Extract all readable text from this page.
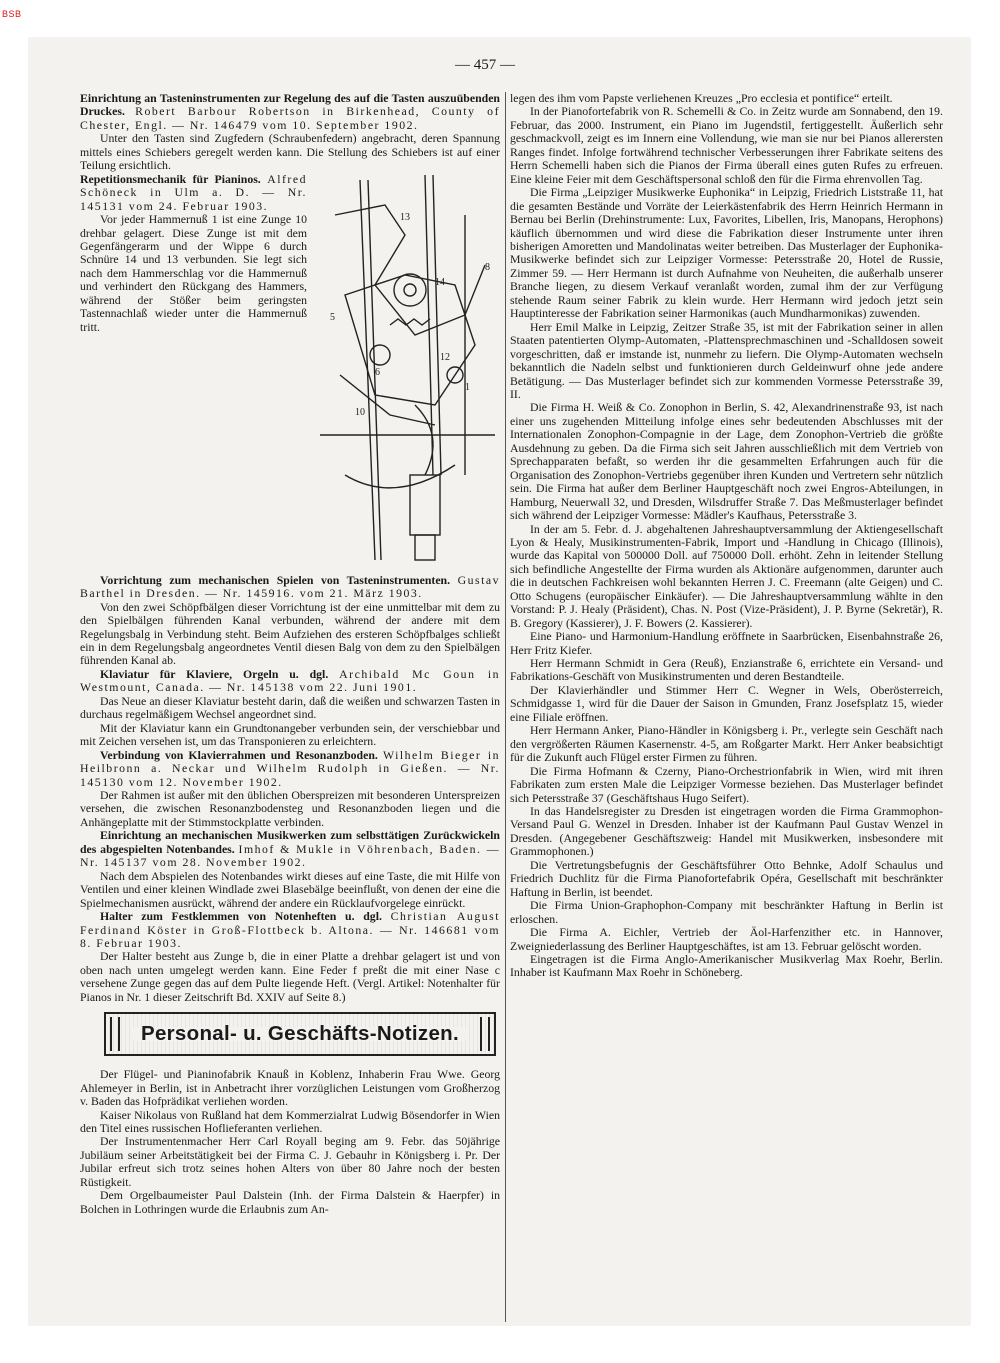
BSB
— 457 —

Einrichtung an Tasteninstrumenten zur Regelung des auf die Tasten auszuübenden Druckes. Robert Barbour Robertson in Birkenhead, County of Chester, Engl. — Nr. 146479 vom 10. September 1902.

Unter den Tasten sind Zugfedern (Schraubenfedern) angebracht, deren Spannung mittels eines Schiebers geregelt werden kann. Die Stellung des Schiebers ist auf einer Teilung ersichtlich.

8
5
14
6
12
10
1
13

Repetitionsmechanik für Pianinos. Alfred Schöneck in Ulm a. D. — Nr. 145131 vom 24. Februar 1903.

Vor jeder Hammernuß 1 ist eine Zunge 10 drehbar gelagert. Diese Zunge ist mit dem Gegenfängerarm und der Wippe 6 durch Schnüre 14 und 13 verbunden. Sie legt sich nach dem Hammerschlag vor die Hammernuß und verhindert den Rückgang des Hammers, während der Stößer beim geringsten Tastennachlaß wieder unter die Hammernuß tritt.

Vorrichtung zum mechanischen Spielen von Tasteninstrumenten. Gustav Barthel in Dresden. — Nr. 145916. vom 21. März 1903.

Von den zwei Schöpfbälgen dieser Vorrichtung ist der eine unmittelbar mit dem zu den Spielbälgen führenden Kanal verbunden, während der andere mit dem Regelungsbalg in Verbindung steht. Beim Aufziehen des ersteren Schöpfbalges schließt ein in dem Regelungsbalg angeordnetes Ventil diesen Balg von dem zu den Spielbälgen führenden Kanal ab.

Klaviatur für Klaviere, Orgeln u. dgl. Archibald Mc Goun in Westmount, Canada. — Nr. 145138 vom 22. Juni 1901.

Das Neue an dieser Klaviatur besteht darin, daß die weißen und schwarzen Tasten in durchaus regelmäßigem Wechsel angeordnet sind.

Mit der Klaviatur kann ein Grundtonangeber verbunden sein, der verschiebbar und mit Zeichen versehen ist, um das Transponieren zu erleichtern.

Verbindung von Klavierrahmen und Resonanzboden. Wilhelm Bieger in Heilbronn a. Neckar und Wilhelm Rudolph in Gießen. — Nr. 145130 vom 12. November 1902.

Der Rahmen ist außer mit den üblichen Oberspreizen mit besonderen Unterspreizen versehen, die zwischen Resonanzbodensteg und Resonanzboden liegen und die Anhängeplatte mit der Stimmstockplatte verbinden.

Einrichtung an mechanischen Musikwerken zum selbsttätigen Zurückwickeln des abgespielten Notenbandes. Imhof & Mukle in Vöhrenbach, Baden. — Nr. 145137 vom 28. November 1902.

Nach dem Abspielen des Notenbandes wirkt dieses auf eine Taste, die mit Hilfe von Ventilen und einer kleinen Windlade zwei Blasebälge beeinflußt, von denen der eine die Spielmechanismen ausrückt, während der andere ein Rücklaufvorgelege einrückt.

Halter zum Festklemmen von Notenheften u. dgl. Christian August Ferdinand Köster in Groß-Flottbeck b. Altona. — Nr. 146681 vom 8. Februar 1903.

Der Halter besteht aus Zunge b, die in einer Platte a drehbar gelagert ist und von oben nach unten umgelegt werden kann. Eine Feder f preßt die mit einer Nase c versehene Zunge gegen das auf dem Pulte liegende Heft. (Vergl. Artikel: Notenhalter für Pianos in Nr. 1 dieser Zeitschrift Bd. XXIV auf Seite 8.)

Personal- u. Geschäfts-Notizen.

Der Flügel- und Pianinofabrik Knauß in Koblenz, Inhaberin Frau Wwe. Georg Ahlemeyer in Berlin, ist in Anbetracht ihrer vorzüglichen Leistungen vom Großherzog v. Baden das Hofprädikat verliehen worden.

Kaiser Nikolaus von Rußland hat dem Kommerzialrat Ludwig Bösendorfer in Wien den Titel eines russischen Hoflieferanten verliehen.

Der Instrumentenmacher Herr Carl Royall beging am 9. Febr. das 50jährige Jubiläum seiner Arbeitstätigkeit bei der Firma C. J. Gebauhr in Königsberg i. Pr. Der Jubilar erfreut sich trotz seines hohen Alters von über 80 Jahre noch der besten Rüstigkeit.

Dem Orgelbaumeister Paul Dalstein (Inh. der Firma Dalstein & Haerpfer) in Bolchen in Lothringen wurde die Erlaubnis zum An-

legen des ihm vom Papste verliehenen Kreuzes „Pro ecclesia et pontifice“ erteilt.

In der Pianofortefabrik von R. Schemelli & Co. in Zeitz wurde am Sonnabend, den 19. Februar, das 2000. Instrument, ein Piano im Jugendstil, fertiggestellt. Äußerlich sehr geschmackvoll, zeigt es im Innern eine Vollendung, wie man sie nur bei Pianos allerersten Ranges findet. Infolge fortwährend technischer Verbesserungen ihrer Fabrikate seitens des Herrn Schemelli haben sich die Pianos der Firma überall eines guten Rufes zu erfreuen. Eine kleine Feier mit dem Geschäftspersonal schloß den für die Firma ehrenvollen Tag.

Die Firma „Leipziger Musikwerke Euphonika“ in Leipzig, Friedrich Liststraße 11, hat die gesamten Bestände und Vorräte der Leierkästenfabrik des Herrn Heinrich Hermann in Bernau bei Berlin (Drehinstrumente: Lux, Favorites, Libellen, Iris, Manopans, Herophons) käuflich übernommen und wird diese die Fabrikation dieser Instrumente unter ihren bisherigen Amoretten und Mandolinatas weiter betreiben. Das Musterlager der Euphonika-Musikwerke befindet sich zur Leipziger Vormesse: Petersstraße 20, Hotel de Russie, Zimmer 59. — Herr Hermann ist durch Aufnahme von Neuheiten, die außerhalb unserer Branche liegen, zu diesem Verkauf veranlaßt worden, zumal ihm der zur Verfügung stehende Raum seiner Fabrik zu klein wurde. Herr Hermann wird jedoch jetzt sein Hauptinteresse der Fabrikation seiner Harmonikas (auch Mundharmonikas) zuwenden.

Herr Emil Malke in Leipzig, Zeitzer Straße 35, ist mit der Fabrikation seiner in allen Staaten patentierten Olymp-Automaten, -Plattensprechmaschinen und -Schalldosen soweit vorgeschritten, daß er imstande ist, nunmehr zu liefern. Die Olymp-Automaten wechseln bekanntlich die Nadeln selbst und funktionieren durch Geldeinwurf ohne jede andere Betätigung. — Das Musterlager befindet sich zur kommenden Vormesse Petersstraße 39, II.

Die Firma H. Weiß & Co. Zonophon in Berlin, S. 42, Alexandrinenstraße 93, ist nach einer uns zugehenden Mitteilung infolge eines sehr bedeutenden Abschlusses mit der Internationalen Zonophon-Compagnie in der Lage, dem Zonophon-Vertrieb die größte Ausdehnung zu geben. Da die Firma sich seit Jahren ausschließlich mit dem Vertrieb von Sprechapparaten befaßt, so werden ihr die gesammelten Erfahrungen auch für die Organisation des Zonophon-Vertriebs gegenüber ihren Kunden und Vertretern sehr nützlich sein. Die Firma hat außer dem Berliner Hauptgeschäft noch zwei Engros-Abteilungen, in Hamburg, Neuerwall 32, und Dresden, Wilsdruffer Straße 7. Das Meßmusterlager befindet sich während der Leipziger Vormesse: Mädler's Kaufhaus, Petersstraße 3.

In der am 5. Febr. d. J. abgehaltenen Jahreshauptversammlung der Aktiengesellschaft Lyon & Healy, Musikinstrumenten-Fabrik, Import und -Handlung in Chicago (Illinois), wurde das Kapital von 500000 Doll. auf 750000 Doll. erhöht. Zehn in leitender Stellung sich befindliche Angestellte der Firma wurden als Aktionäre aufgenommen, darunter auch die in deutschen Fachkreisen wohl bekannten Herren J. C. Freemann (alte Geigen) und C. Otto Schugens (europäischer Einkäufer). — Die Jahreshauptversammlung wählte in den Vorstand: P. J. Healy (Präsident), Chas. N. Post (Vize-Präsident), J. P. Byrne (Sekretär), R. B. Gregory (Kassierer), J. F. Bowers (2. Kassierer).

Eine Piano- und Harmonium-Handlung eröffnete in Saarbrücken, Eisenbahnstraße 26, Herr Fritz Kiefer.

Herr Hermann Schmidt in Gera (Reuß), Enzianstraße 6, errichtete ein Versand- und Fabrikations-Geschäft von Musikinstrumenten und deren Bestandteile.

Der Klavierhändler und Stimmer Herr C. Wegner in Wels, Oberösterreich, Schmidgasse 1, wird für die Dauer der Saison in Gmunden, Franz Josefsplatz 15, wieder eine Filiale eröffnen.

Herr Hermann Anker, Piano-Händler in Königsberg i. Pr., verlegte sein Geschäft nach den vergrößerten Räumen Kasernenstr. 4-5, am Roßgarter Markt. Herr Anker beabsichtigt für die Zukunft auch Flügel erster Firmen zu führen.

Die Firma Hofmann & Czerny, Piano-Orchestrionfabrik in Wien, wird mit ihren Fabrikaten zum ersten Male die Leipziger Vormesse beziehen. Das Musterlager befindet sich Petersstraße 37 (Geschäftshaus Hugo Seifert).

In das Handelsregister zu Dresden ist eingetragen worden die Firma Grammophon-Versand Paul G. Wenzel in Dresden. Inhaber ist der Kaufmann Paul Gustav Wenzel in Dresden. (Angegebener Geschäftszweig: Handel mit Musikwerken, insbesondere mit Grammophonen.)

Die Vertretungsbefugnis der Geschäftsführer Otto Behnke, Adolf Schaulus und Friedrich Duchlitz für die Firma Pianofortefabrik Opéra, Gesellschaft mit beschränkter Haftung in Berlin, ist beendet.

Die Firma Union-Graphophon-Company mit beschränkter Haftung in Berlin ist erloschen.

Die Firma A. Eichler, Vertrieb der Äol-Harfenzither etc. in Hannover, Zweigniederlassung des Berliner Hauptgeschäftes, ist am 13. Februar gelöscht worden.

Eingetragen ist die Firma Anglo-Amerikanischer Musikverlag Max Roehr, Berlin. Inhaber ist Kaufmann Max Roehr in Schöneberg.
